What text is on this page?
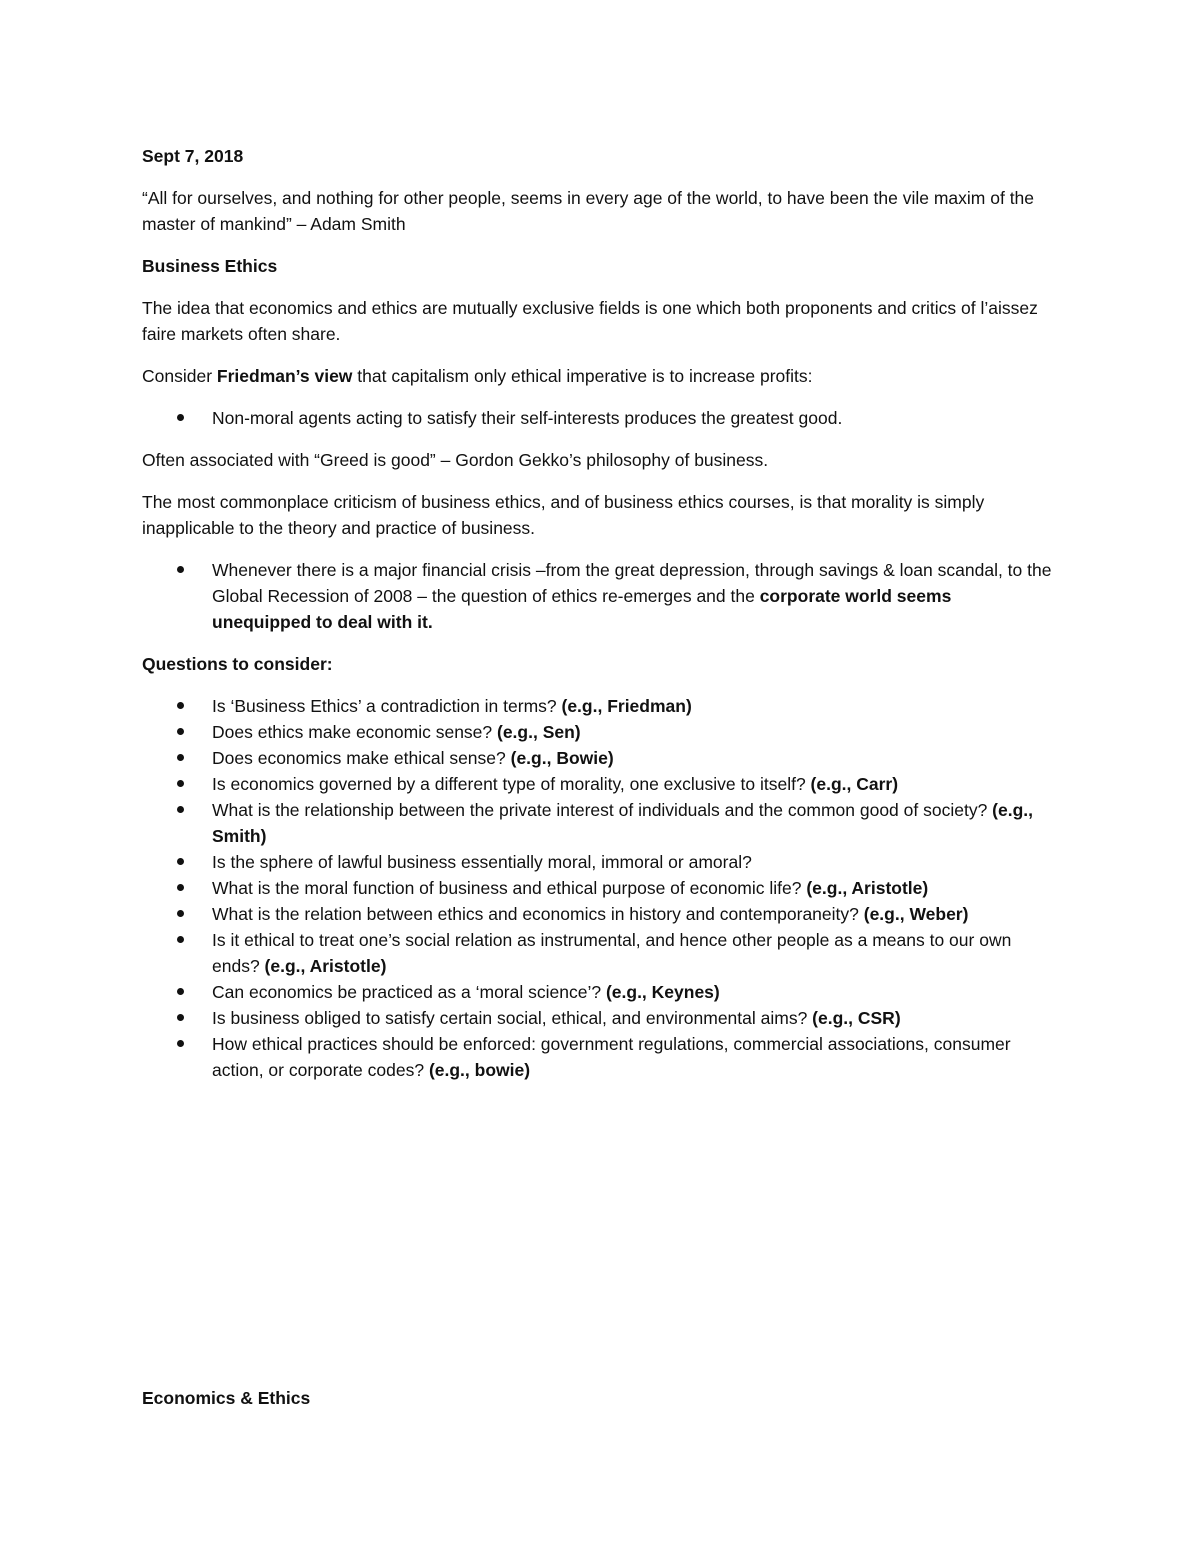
Sept 7, 2018

“All for ourselves, and nothing for other people, seems in every age of the world, to have been the vile maxim of the master of mankind” – Adam Smith

Business Ethics

The idea that economics and ethics are mutually exclusive fields is one which both proponents and critics of l’aissez faire markets often share.

Consider Friedman’s view that capitalism only ethical imperative is to increase profits:

Non-moral agents acting to satisfy their self-interests produces the greatest good.

Often associated with “Greed is good” – Gordon Gekko’s philosophy of business.

The most commonplace criticism of business ethics, and of business ethics courses, is that morality is simply inapplicable to the theory and practice of business.

Whenever there is a major financial crisis –from the great depression, through savings & loan scandal, to the Global Recession of 2008 – the question of ethics re-emerges and the corporate world seems unequipped to deal with it.

Questions to consider:

Is ‘Business Ethics’ a contradiction in terms? (e.g., Friedman)
Does ethics make economic sense? (e.g., Sen)
Does economics make ethical sense? (e.g., Bowie)
Is economics governed by a different type of morality, one exclusive to itself? (e.g., Carr)
What is the relationship between the private interest of individuals and the common good of society? (e.g., Smith)
Is the sphere of lawful business essentially moral, immoral or amoral?
What is the moral function of business and ethical purpose of economic life? (e.g., Aristotle)
What is the relation between ethics and economics in history and contemporaneity? (e.g., Weber)
Is it ethical to treat one’s social relation as instrumental, and hence other people as a means to our own ends? (e.g., Aristotle)
Can economics be practiced as a ‘moral science’? (e.g., Keynes)
Is business obliged to satisfy certain social, ethical, and environmental aims? (e.g., CSR)
How ethical practices should be enforced: government regulations, commercial associations, consumer action, or corporate codes? (e.g., bowie)
Economics & Ethics
